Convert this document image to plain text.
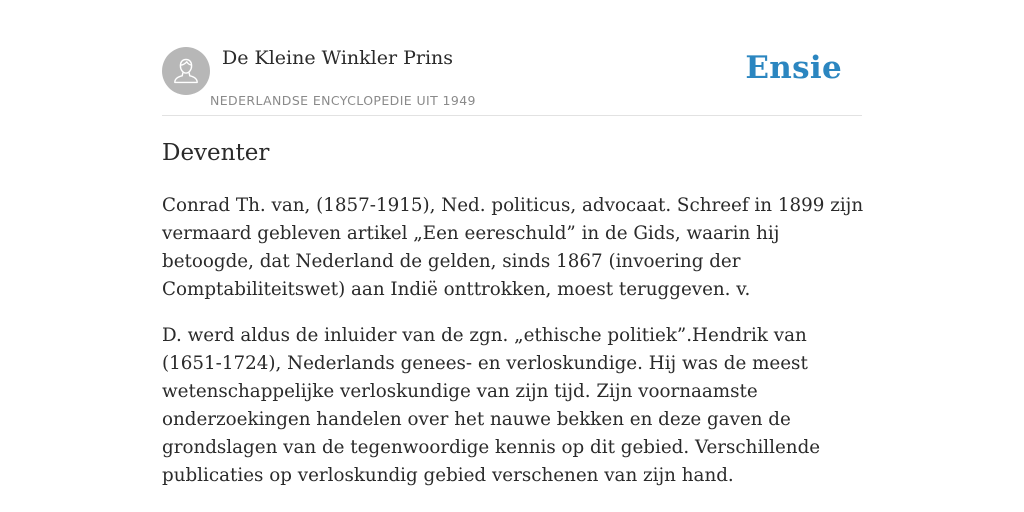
De Kleine Winkler Prins
NEDERLANDSE ENCYCLOPEDIE UIT 1949
Ensie
Deventer

Conrad Th. van, (1857-1915), Ned. politicus, advocaat. Schreef in 1899 zijn vermaard gebleven artikel „Een eereschuld” in de Gids, waarin hij betoogde, dat Nederland de gelden, sinds 1867 (invoering der Comptabiliteitswet) aan Indië onttrokken, moest teruggeven. v.

D. werd aldus de inluider van de zgn. „ethische politiek”.Hendrik van (1651-1724), Nederlands genees- en verloskundige. Hij was de meest wetenschappelijke verloskundige van zijn tijd. Zijn voornaamste onderzoekingen handelen over het nauwe bekken en deze gaven de grondslagen van de tegenwoordige kennis op dit gebied. Verschillende publicaties op verloskundig gebied verschenen van zijn hand.
